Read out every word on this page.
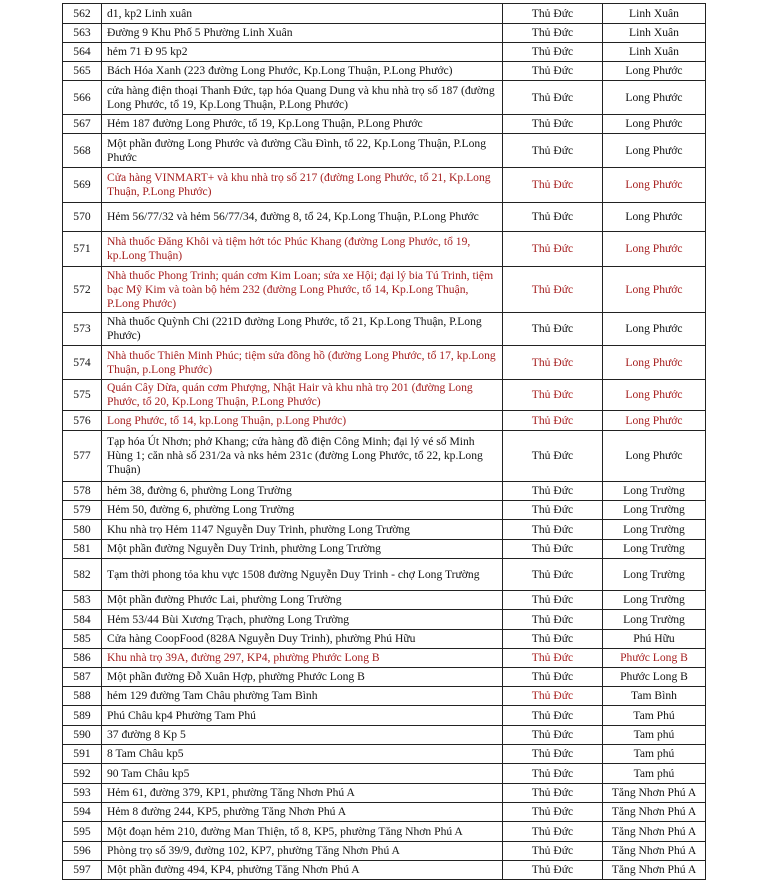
562	d1, kp2 Linh xuân	Thủ Đức	Linh Xuân
563	Đường 9 Khu Phố 5 Phường Linh Xuân	Thủ Đức	Linh Xuân
564	hẻm 71 Đ 95 kp2	Thủ Đức	Linh Xuân
565	Bách Hóa Xanh (223 đường Long Phước, Kp.Long Thuận, P.Long Phước)	Thủ Đức	Long Phước
566	cửa hàng điện thoại Thanh Đức, tạp hóa Quang Dung và khu nhà trọ số 187 (đường Long Phước, tổ 19, Kp.Long Thuận, P.Long Phước)	Thủ Đức	Long Phước
567	Hẻm 187 đường Long Phước, tổ 19, Kp.Long Thuận, P.Long Phước	Thủ Đức	Long Phước
568	Một phần đường Long Phước và đường Cầu Đình, tổ 22, Kp.Long Thuận, P.Long Phước	Thủ Đức	Long Phước
569	Cửa hàng VINMART+ và khu nhà trọ số 217 (đường Long Phước, tổ 21, Kp.Long Thuận, P.Long Phước)	Thủ Đức	Long Phước
570	Hẻm 56/77/32 và hẻm 56/77/34, đường 8, tổ 24, Kp.Long Thuận, P.Long Phước	Thủ Đức	Long Phước
571	Nhà thuốc Đăng Khôi và tiệm hớt tóc Phúc Khang (đường Long Phước, tổ 19, kp.Long Thuận)	Thủ Đức	Long Phước
572	Nhà thuốc Phong Trinh; quán cơm Kim Loan; sửa xe Hội; đại lý bia Tú Trinh, tiệm bạc Mỹ Kim và toàn bộ hẻm 232 (đường Long Phước, tổ 14, Kp.Long Thuận, P.Long Phước)	Thủ Đức	Long Phước
573	Nhà thuốc Quỳnh Chi (221D đường Long Phước, tổ 21, Kp.Long Thuận, P.Long Phước)	Thủ Đức	Long Phước
574	Nhà thuốc Thiên Minh Phúc; tiệm sửa đồng hồ (đường Long Phước, tổ 17, kp.Long Thuận, p.Long Phước)	Thủ Đức	Long Phước
575	Quán Cây Dừa, quán cơm Phượng, Nhật Hair và khu nhà trọ 201 (đường Long Phước, tổ 20, Kp.Long Thuận, P.Long Phước)	Thủ Đức	Long Phước
576	Long Phước, tổ 14, kp.Long Thuận, p.Long Phước)	Thủ Đức	Long Phước
577	Tạp hóa Út Nhơn; phở Khang; cửa hàng đồ điện Công Minh; đại lý vé số Minh Hùng 1; căn nhà số 231/2a và nks hẻm 231c (đường Long Phước, tổ 22, kp.Long Thuận)	Thủ Đức	Long Phước
578	hẻm 38, đường 6, phường Long Trường	Thủ Đức	Long Trường
579	Hẻm 50, đường 6, phường Long Trường	Thủ Đức	Long Trường
580	Khu nhà trọ Hẻm 1147 Nguyễn Duy Trinh, phường Long Trường	Thủ Đức	Long Trường
581	Một phần đường Nguyễn Duy Trinh, phường Long Trường	Thủ Đức	Long Trường
582	Tạm thời phong tỏa khu vực 1508 đường Nguyễn Duy Trinh - chợ Long Trường	Thủ Đức	Long Trường
583	Một phần đường Phước Lai, phường Long Trường	Thủ Đức	Long Trường
584	Hẻm 53/44 Bùi Xương Trạch, phường Long Trường	Thủ Đức	Long Trường
585	Cửa hàng CoopFood (828A Nguyễn Duy Trinh), phường Phú Hữu	Thủ Đức	Phú Hữu
586	Khu nhà trọ 39A, đường 297, KP4, phường Phước Long B	Thủ Đức	Phước Long B
587	Một phần đường Đỗ Xuân Hợp, phường Phước Long B	Thủ Đức	Phước Long B
588	hẻm 129 đường Tam Châu phường Tam Bình	Thủ Đức	Tam Bình
589	Phú Châu kp4 Phường Tam Phú	Thủ Đức	Tam Phú
590	37 đường 8 Kp 5	Thủ Đức	Tam phú
591	8 Tam Châu kp5	Thủ Đức	Tam phú
592	90 Tam Châu kp5	Thủ Đức	Tam phú
593	Hẻm 61, đường 379, KP1, phường Tăng Nhơn Phú A	Thủ Đức	Tăng Nhơn Phú A
594	Hẻm 8 đường 244, KP5, phường Tăng Nhơn Phú A	Thủ Đức	Tăng Nhơn Phú A
595	Một đoạn hẻm 210, đường Man Thiện, tổ 8, KP5, phường Tăng Nhơn Phú A	Thủ Đức	Tăng Nhơn Phú A
596	Phòng trọ số 39/9, đường 102, KP7, phường Tăng Nhơn Phú A	Thủ Đức	Tăng Nhơn Phú A
597	Một phần đường 494, KP4, phường Tăng Nhơn Phú A	Thủ Đức	Tăng Nhơn Phú A
